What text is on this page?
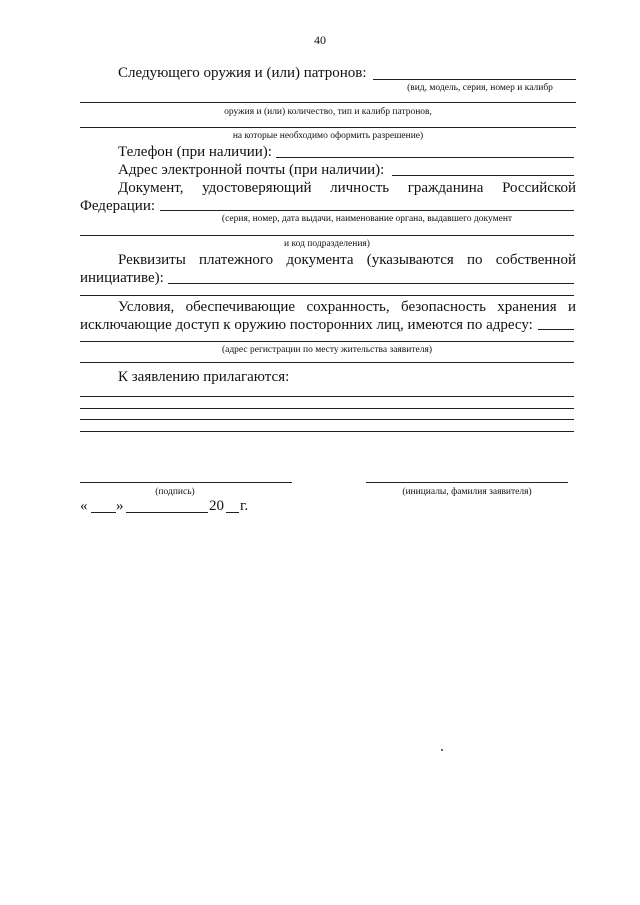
40
Следующего оружия и (или) патронов:
(вид, модель, серия, номер и калибр
оружия и (или) количество, тип и калибр патронов,
на которые необходимо оформить разрешение)
Телефон (при наличии):
Адрес электронной почты (при наличии):
Документ, удостоверяющий личность гражданина Российской
Федерации:
(серия, номер, дата выдачи, наименование органа, выдавшего документ
и код подразделения)
Реквизиты платежного документа (указываются по собственной
инициативе):
Условия, обеспечивающие сохранность, безопасность хранения и
исключающие доступ к оружию посторонних лиц, имеются по адресу:
(адрес регистрации по месту жительства заявителя)
К заявлению прилагаются:
(подпись)	(инициалы, фамилия заявителя)
« »	20 г.
